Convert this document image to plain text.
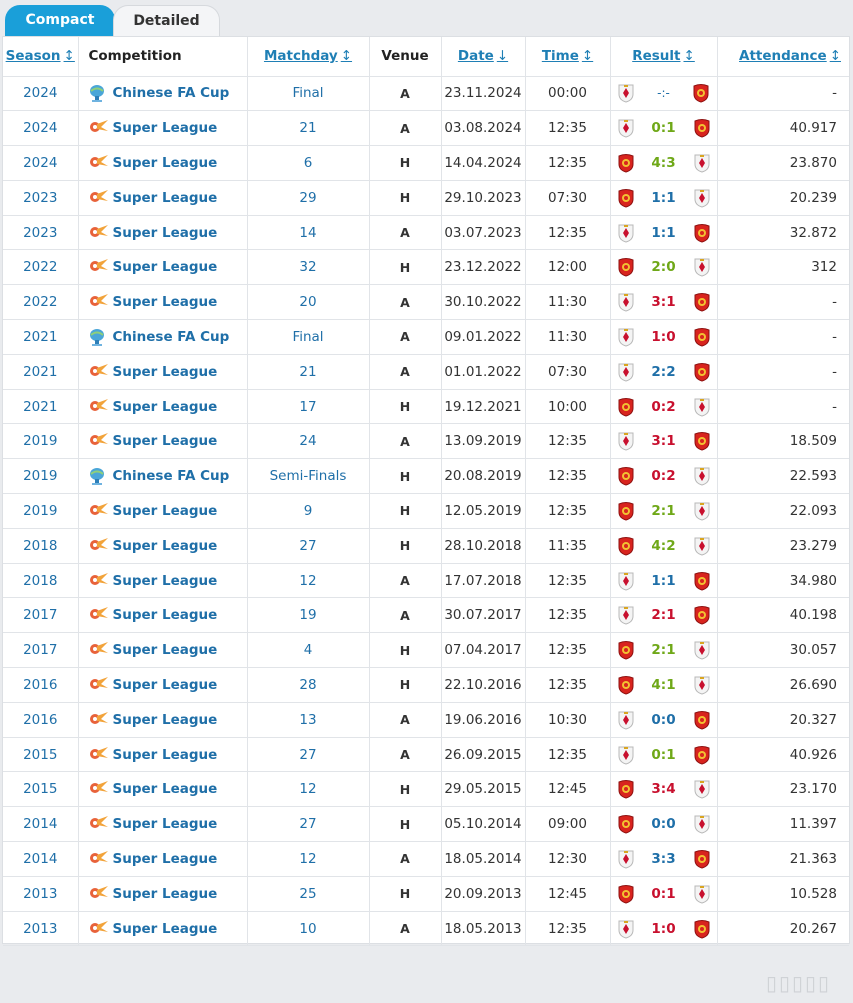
Compact	Detailed
Season ↕	Competition	Matchday ↕	Venue	Date ↓	Time ↕	Result ↕	Attendance ↕
2024	Chinese FA Cup	Final	A	23.11.2024	00:00	-:-	-
2024	Super League	21	A	03.08.2024	12:35	0:1	40.917
2024	Super League	6	H	14.04.2024	12:35	4:3	23.870
2023	Super League	29	H	29.10.2023	07:30	1:1	20.239
2023	Super League	14	A	03.07.2023	12:35	1:1	32.872
2022	Super League	32	H	23.12.2022	12:00	2:0	312
2022	Super League	20	A	30.10.2022	11:30	3:1	-
2021	Chinese FA Cup	Final	A	09.01.2022	11:30	1:0	-
2021	Super League	21	A	01.01.2022	07:30	2:2	-
2021	Super League	17	H	19.12.2021	10:00	0:2	-
2019	Super League	24	A	13.09.2019	12:35	3:1	18.509
2019	Chinese FA Cup	Semi-Finals	H	20.08.2019	12:35	0:2	22.593
2019	Super League	9	H	12.05.2019	12:35	2:1	22.093
2018	Super League	27	H	28.10.2018	11:35	4:2	23.279
2018	Super League	12	A	17.07.2018	12:35	1:1	34.980
2017	Super League	19	A	30.07.2017	12:35	2:1	40.198
2017	Super League	4	H	07.04.2017	12:35	2:1	30.057
2016	Super League	28	H	22.10.2016	12:35	4:1	26.690
2016	Super League	13	A	19.06.2016	10:30	0:0	20.327
2015	Super League	27	A	26.09.2015	12:35	0:1	40.926
2015	Super League	12	H	29.05.2015	12:45	3:4	23.170
2014	Super League	27	H	05.10.2014	09:00	0:0	11.397
2014	Super League	12	A	18.05.2014	12:30	3:3	21.363
2013	Super League	25	H	20.09.2013	12:45	0:1	10.528
2013	Super League	10	A	18.05.2013	12:35	1:0	20.267
▯▯▯▯▯
